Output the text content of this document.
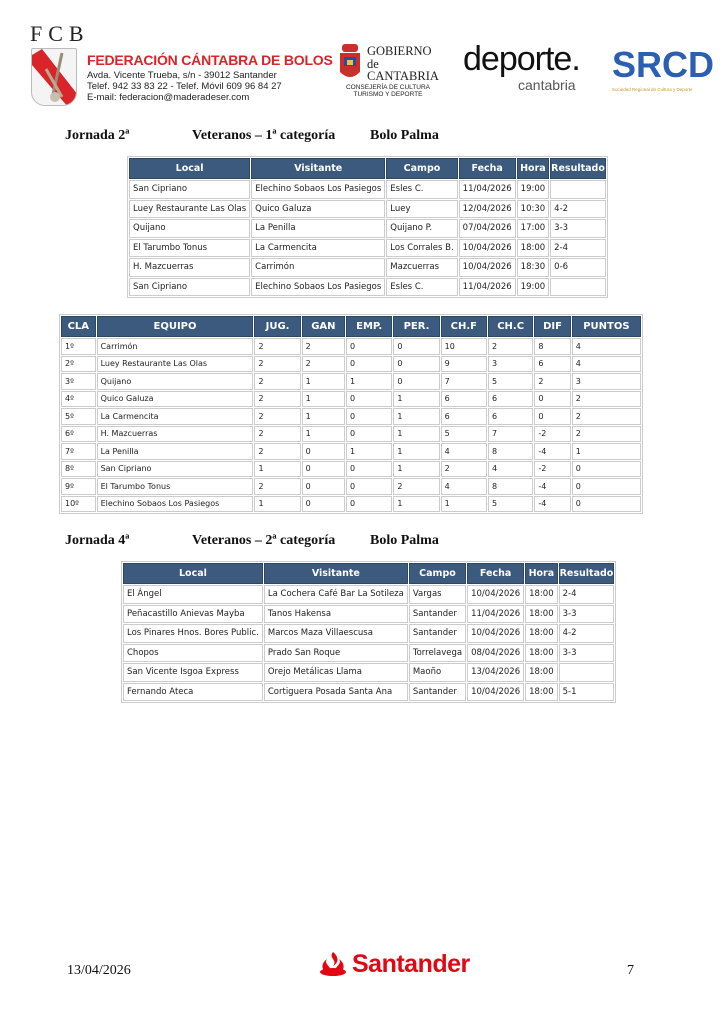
FCB
FEDERACIÓN CÁNTABRA DE BOLOS
Avda. Vicente Trueba, s/n - 39012 Santander
Telef. 942 33 83 22 - Telef. Móvil 609 96 84 27
E-mail: federacion@maderadeser.com
GOBIERNO
de
CANTABRIA
CONSEJERÍA DE CULTURA
TURISMO Y DEPORTE
deporte.
cantabria SRCD
Sociedad Regional de Cultura y Deporte
Jornada 2ª	Veteranos – 1ª categoría Bolo Palma
Local	Visitante	Campo	Fecha	Hora	Resultado
San Cipriano	Elechino Sobaos Los Pasiegos	Esles C.	11/04/2026	19:00	
Luey Restaurante Las Olas	Quico Galuza	Luey	12/04/2026	10:30	4-2
Quijano	La Penilla	Quijano P.	07/04/2026	17:00	3-3
El Tarumbo Tonus	La Carmencita	Los Corrales B.	10/04/2026	18:00	2-4
H. Mazcuerras	Carrimón	Mazcuerras	10/04/2026	18:30	0-6
San Cipriano	Elechino Sobaos Los Pasiegos	Esles C.	11/04/2026	19:00	
CLA	EQUIPO	JUG.	GAN	EMP.	PER.	CH.F	CH.C	DIF	PUNTOS
1º	Carrimón	2	2	0	0	10	2	8	4
2º	Luey Restaurante Las Olas	2	2	0	0	9	3	6	4
3º	Quijano	2	1	1	0	7	5	2	3
4º	Quico Galuza	2	1	0	1	6	6	0	2
5º	La Carmencita	2	1	0	1	6	6	0	2
6º	H. Mazcuerras	2	1	0	1	5	7	-2	2
7º	La Penilla	2	0	1	1	4	8	-4	1
8º	San Cipriano	1	0	0	1	2	4	-2	0
9º	El Tarumbo Tonus	2	0	0	2	4	8	-4	0
10º	Elechino Sobaos Los Pasiegos	1	0	0	1	1	5	-4	0
Jornada 4ª	Veteranos – 2ª categoría Bolo Palma
Local	Visitante	Campo	Fecha	Hora	Resultado
El Ángel	La Cochera Café Bar La Sotileza	Vargas	10/04/2026	18:00	2-4
Peñacastillo Anievas Mayba	Tanos Hakensa	Santander	11/04/2026	18:00	3-3
Los Pinares Hnos. Bores Public.	Marcos Maza Villaescusa	Santander	10/04/2026	18:00	4-2
Chopos	Prado San Roque	Torrelavega	08/04/2026	18:00	3-3
San Vicente Isgoa Express	Orejo Metálicas Llama	Maoño	13/04/2026	18:00	
Fernando Ateca	Cortiguera Posada Santa Ana	Santander	10/04/2026	18:00	5-1
13/04/2026	Santander	7
